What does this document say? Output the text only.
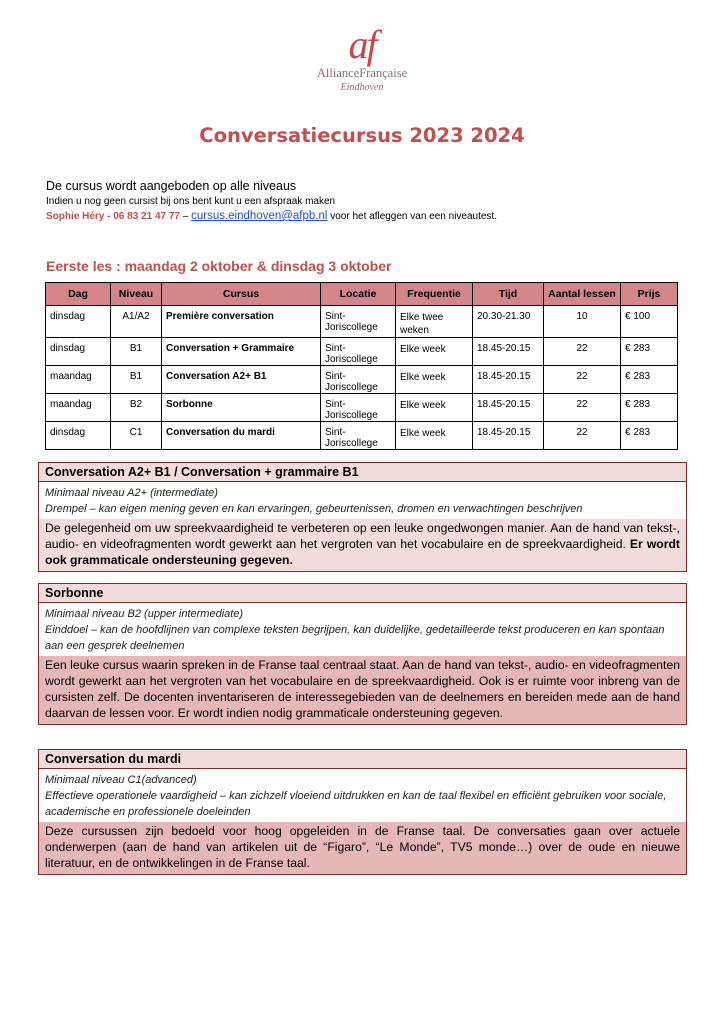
af
AllianceFrançaise
Eindhoven
Conversatiecursus 2023 2024
De cursus wordt aangeboden op alle niveaus
Indien u nog geen cursist bij ons bent kunt u een afspraak maken
Sophie Héry - 06 83 21 47 77 – cursus.eindhoven@afpb.nl voor het afleggen van een niveautest.
Eerste les : maandag 2 oktober & dinsdag 3 oktober
Dag	Niveau	Cursus	Locatie	Frequentie	Tijd	Aantal lessen	Prijs
dinsdag	A1/A2	Première conversation	Sint-Joriscollege	Elke twee weken	20.30-21.30	10	€ 100
dinsdag	B1	Conversation + Grammaire	Sint-Joriscollege	Elke week	18.45-20.15	22	€ 283
maandag	B1	Conversation A2+ B1	Sint-Joriscollege	Elke week	18.45-20.15	22	€ 283
maandag	B2	Sorbonne	Sint-Joriscollege	Elke week	18.45-20.15	22	€ 283
dinsdag	C1	Conversation du mardi	Sint-Joriscollege	Elke week	18.45-20.15	22	€ 283
Conversation A2+ B1 / Conversation + grammaire B1
Minimaal niveau A2+ (intermediate)
Drempel – kan eigen mening geven en kan ervaringen, gebeurtenissen, dromen en verwachtingen beschrijven
De gelegenheid om uw spreekvaardigheid te verbeteren op een leuke ongedwongen manier. Aan de hand van tekst-, audio- en videofragmenten wordt gewerkt aan het vergroten van het vocabulaire en de spreekvaardigheid. Er wordt ook grammaticale ondersteuning gegeven.
Sorbonne
Minimaal niveau B2 (upper intermediate)
Einddoel – kan de hoofdlijnen van complexe teksten begrijpen, kan duidelijke, gedetailleerde tekst produceren en kan spontaan aan een gesprek deelnemen
Een leuke cursus waarin spreken in de Franse taal centraal staat. Aan de hand van tekst-, audio- en videofragmenten wordt gewerkt aan het vergroten van het vocabulaire en de spreekvaardigheid. Ook is er ruimte voor inbreng van de cursisten zelf. De docenten inventariseren de interessegebieden van de deelnemers en bereiden mede aan de hand daarvan de lessen voor. Er wordt indien nodig grammaticale ondersteuning gegeven.
Conversation du mardi
Minimaal niveau C1(advanced)
Effectieve operationele vaardigheid – kan zichzelf vloeiend uitdrukken en kan de taal flexibel en efficiënt gebruiken voor sociale, academische en professionele doeleinden
Deze cursussen zijn bedoeld voor hoog opgeleiden in de Franse taal. De conversaties gaan over actuele onderwerpen (aan de hand van artikelen uit de “Figaro”, “Le Monde”, TV5 monde…) over de oude en nieuwe literatuur, en de ontwikkelingen in de Franse taal.
